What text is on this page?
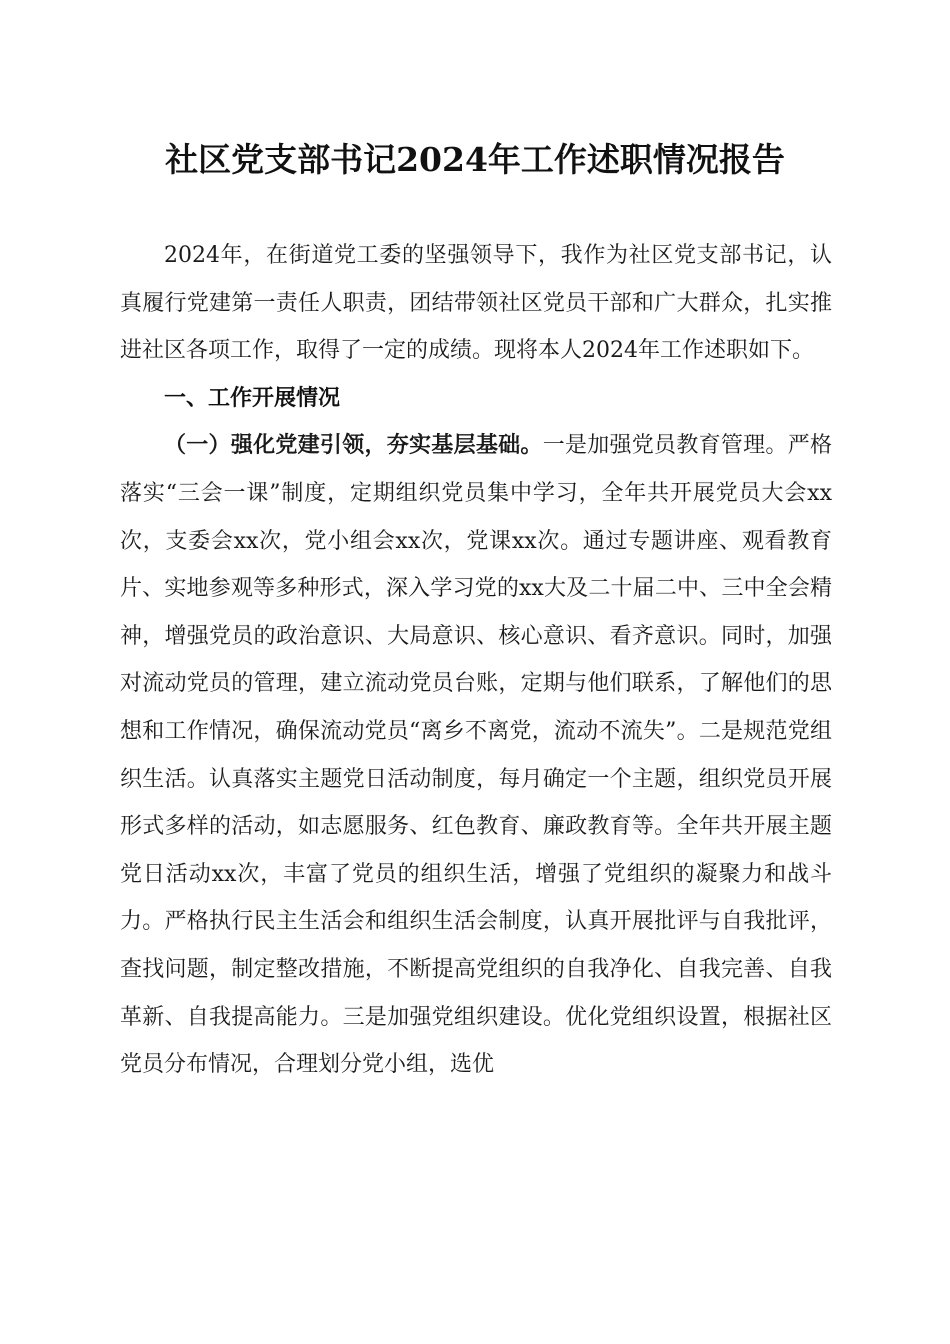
社区党支部书记2024年工作述职情况报告

2024年，在街道党工委的坚强领导下，我作为社区党支部书记，认真履行党建第一责任人职责，团结带领社区党员干部和广大群众，扎实推进社区各项工作，取得了一定的成绩。现将本人2024年工作述职如下。

一、工作开展情况

（一）强化党建引领，夯实基层基础。一是加强党员教育管理。严格落实“三会一课”制度，定期组织党员集中学习，全年共开展党员大会xx次，支委会xx次，党小组会xx次，党课xx次。通过专题讲座、观看教育片、实地参观等多种形式，深入学习党的xx大及二十届二中、三中全会精神，增强党员的政治意识、大局意识、核心意识、看齐意识。同时，加强对流动党员的管理，建立流动党员台账，定期与他们联系，了解他们的思想和工作情况，确保流动党员“离乡不离党，流动不流失”。二是规范党组织生活。认真落实主题党日活动制度，每月确定一个主题，组织党员开展形式多样的活动，如志愿服务、红色教育、廉政教育等。全年共开展主题党日活动xx次，丰富了党员的组织生活，增强了党组织的凝聚力和战斗力。严格执行民主生活会和组织生活会制度，认真开展批评与自我批评，查找问题，制定整改措施，不断提高党组织的自我净化、自我完善、自我革新、自我提高能力。三是加强党组织建设。优化党组织设置，根据社区党员分布情况，合理划分党小组，选优
